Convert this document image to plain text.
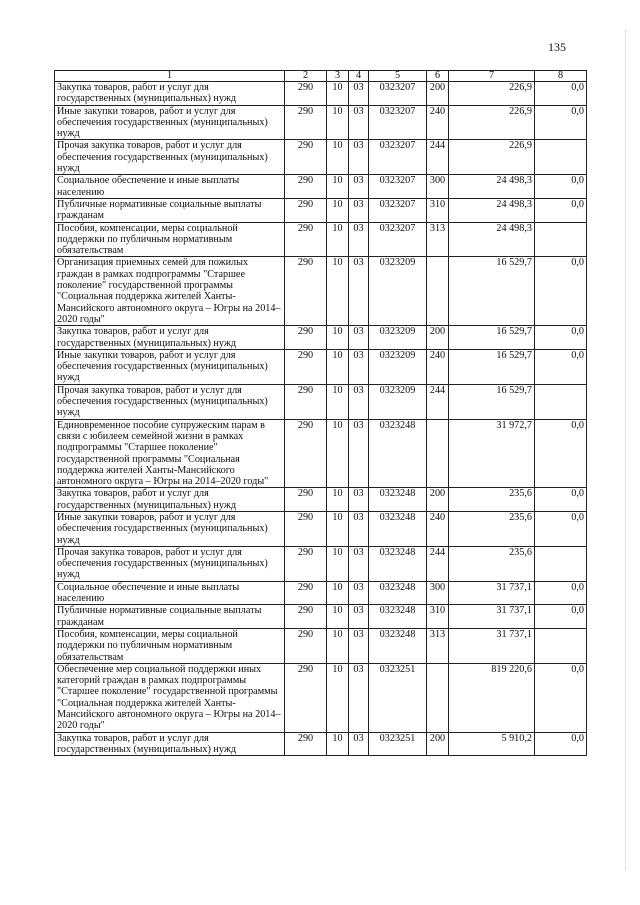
135
1	2	3	4	5	6	7	8
Закупка товаров, работ и услуг для государственных (муниципальных) нужд	290	10	03	0323207	200	226,9	0,0
Иные закупки товаров, работ и услуг для обеспечения государственных (муниципальных) нужд	290	10	03	0323207	240	226,9	0,0
Прочая закупка товаров, работ и услуг для обеспечения государственных (муниципальных) нужд	290	10	03	0323207	244	226,9	
Социальное обеспечение и иные выплаты населению	290	10	03	0323207	300	24 498,3	0,0
Публичные нормативные социальные выплаты гражданам	290	10	03	0323207	310	24 498,3	0,0
Пособия, компенсации, меры социальной поддержки по публичным нормативным обязательствам	290	10	03	0323207	313	24 498,3	
Организация приемных семей для пожилых граждан в рамках подпрограммы "Старшее поколение" государственной программы "Социальная поддержка жителей Ханты-Мансийского автономного округа – Югры на 2014–2020 годы"	290	10	03	0323209		16 529,7	0,0
Закупка товаров, работ и услуг для государственных (муниципальных) нужд	290	10	03	0323209	200	16 529,7	0,0
Иные закупки товаров, работ и услуг для обеспечения государственных (муниципальных) нужд	290	10	03	0323209	240	16 529,7	0,0
Прочая закупка товаров, работ и услуг для обеспечения государственных (муниципальных) нужд	290	10	03	0323209	244	16 529,7	
Единовременное пособие супружеским парам в связи с юбилеем семейной жизни в рамках подпрограммы "Старшее поколение" государственной программы "Социальная поддержка жителей Ханты-Мансийского автономного округа – Югры на 2014–2020 годы"	290	10	03	0323248		31 972,7	0,0
Закупка товаров, работ и услуг для государственных (муниципальных) нужд	290	10	03	0323248	200	235,6	0,0
Иные закупки товаров, работ и услуг для обеспечения государственных (муниципальных) нужд	290	10	03	0323248	240	235,6	0,0
Прочая закупка товаров, работ и услуг для обеспечения государственных (муниципальных) нужд	290	10	03	0323248	244	235,6	
Социальное обеспечение и иные выплаты населению	290	10	03	0323248	300	31 737,1	0,0
Публичные нормативные социальные выплаты гражданам	290	10	03	0323248	310	31 737,1	0,0
Пособия, компенсации, меры социальной поддержки по публичным нормативным обязательствам	290	10	03	0323248	313	31 737,1	
Обеспечение мер социальной поддержки иных категорий граждан в рамках подпрограммы "Старшее поколение" государственной программы "Социальная поддержка жителей Ханты-Мансийского автономного округа – Югры на 2014–2020 годы"	290	10	03	0323251		819 220,6	0,0
Закупка товаров, работ и услуг для государственных (муниципальных) нужд	290	10	03	0323251	200	5 910,2	0,0
